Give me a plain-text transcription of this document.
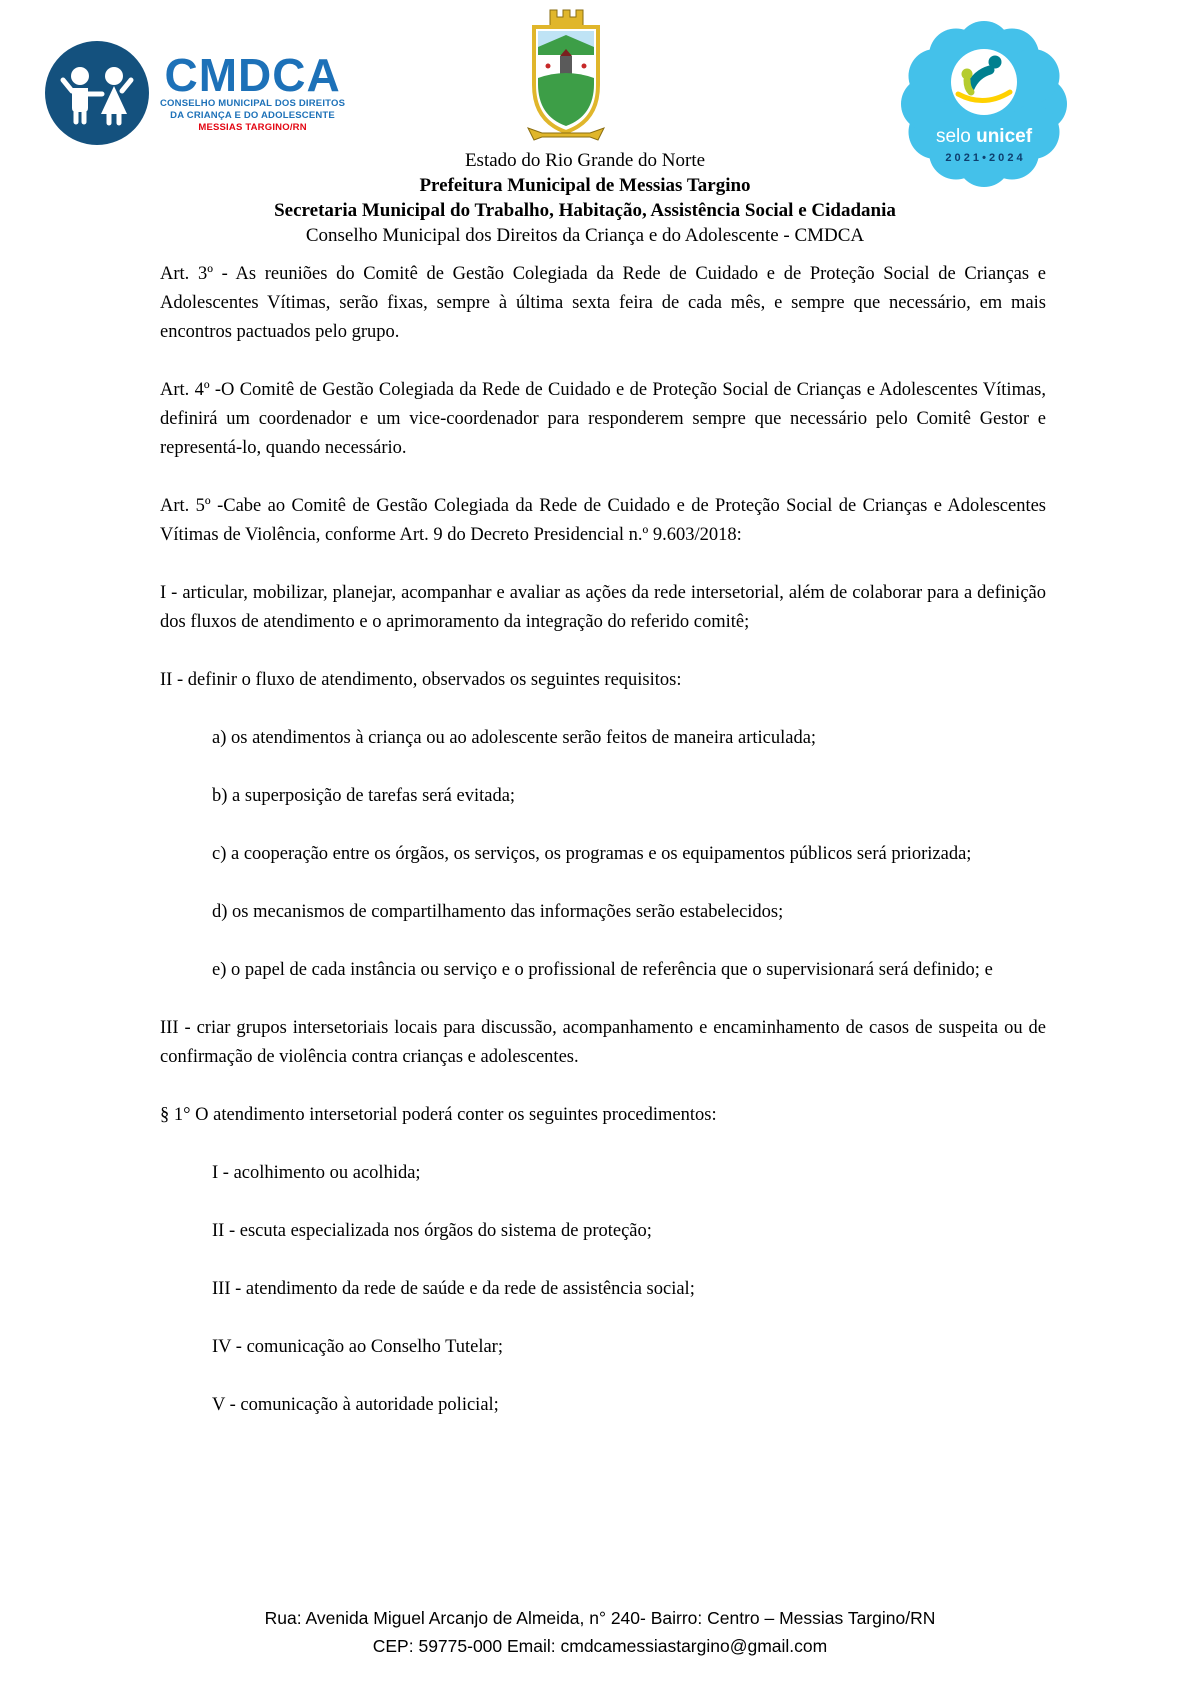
CMDCA
CONSELHO MUNICIPAL DOS DIREITOS
DA CRIANÇA E DO ADOLESCENTE
MESSIAS TARGINO/RN	selo unicef
2 0 2 1 • 2 0 2 4
Estado do Rio Grande do Norte
Prefeitura Municipal de Messias Targino
Secretaria Municipal do Trabalho, Habitação, Assistência Social e Cidadania
Conselho Municipal dos Direitos da Criança e do Adolescente - CMDCA

Art. 3º - As reuniões do Comitê de Gestão Colegiada da Rede de Cuidado e de Proteção Social de Crianças e Adolescentes Vítimas, serão fixas, sempre à última sexta feira de cada mês, e sempre que necessário, em mais encontros pactuados pelo grupo.

Art. 4º -O Comitê de Gestão Colegiada da Rede de Cuidado e de Proteção Social de Crianças e Adolescentes Vítimas, definirá um coordenador e um vice-coordenador para responderem sempre que necessário pelo Comitê Gestor e representá-lo, quando necessário.

Art. 5º -Cabe ao Comitê de Gestão Colegiada da Rede de Cuidado e de Proteção Social de Crianças e Adolescentes Vítimas de Violência, conforme Art. 9 do Decreto Presidencial n.º 9.603/2018:

I - articular, mobilizar, planejar, acompanhar e avaliar as ações da rede intersetorial, além de colaborar para a definição dos fluxos de atendimento e o aprimoramento da integração do referido comitê;

II - definir o fluxo de atendimento, observados os seguintes requisitos:

a) os atendimentos à criança ou ao adolescente serão feitos de maneira articulada;

b) a superposição de tarefas será evitada;

c) a cooperação entre os órgãos, os serviços, os programas e os equipamentos públicos será priorizada;

d) os mecanismos de compartilhamento das informações serão estabelecidos;

e) o papel de cada instância ou serviço e o profissional de referência que o supervisionará será definido; e

III - criar grupos intersetoriais locais para discussão, acompanhamento e encaminhamento de casos de suspeita ou de confirmação de violência contra crianças e adolescentes.

§ 1° O atendimento intersetorial poderá conter os seguintes procedimentos:

I - acolhimento ou acolhida;

II - escuta especializada nos órgãos do sistema de proteção;

III - atendimento da rede de saúde e da rede de assistência social;

IV - comunicação ao Conselho Tutelar;

V - comunicação à autoridade policial;

Rua: Avenida Miguel Arcanjo de Almeida, n° 240- Bairro: Centro – Messias Targino/RN
CEP: 59775-000 Email: cmdcamessiastargino@gmail.com
